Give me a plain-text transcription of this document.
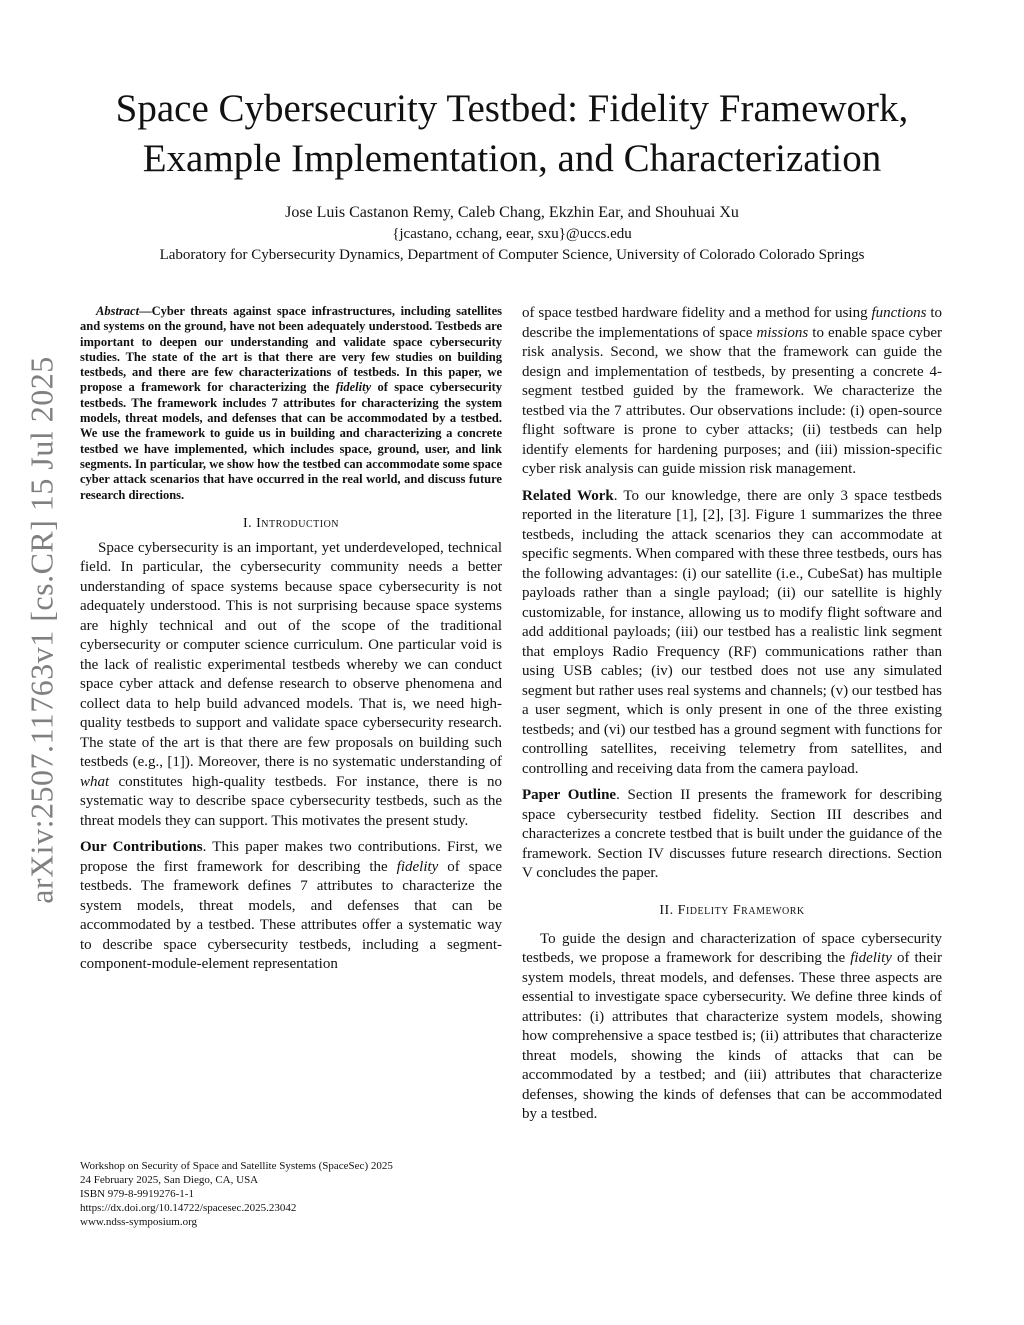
Space Cybersecurity Testbed: Fidelity Framework,
Example Implementation, and Characterization
Jose Luis Castanon Remy, Caleb Chang, Ekzhin Ear, and Shouhuai Xu
{jcastano, cchang, eear, sxu}@uccs.edu
Laboratory for Cybersecurity Dynamics, Department of Computer Science, University of Colorado Colorado Springs
arXiv:2507.11763v1 [cs.CR] 15 Jul 2025

Abstract—Cyber threats against space infrastructures, including satellites and systems on the ground, have not been adequately understood. Testbeds are important to deepen our understanding and validate space cybersecurity studies. The state of the art is that there are very few studies on building testbeds, and there are few characterizations of testbeds. In this paper, we propose a framework for characterizing the fidelity of space cybersecurity testbeds. The framework includes 7 attributes for characterizing the system models, threat models, and defenses that can be accommodated by a testbed. We use the framework to guide us in building and characterizing a concrete testbed we have implemented, which includes space, ground, user, and link segments. In particular, we show how the testbed can accommodate some space cyber attack scenarios that have occurred in the real world, and discuss future research directions.

I. Introduction

Space cybersecurity is an important, yet underdeveloped, technical field. In particular, the cybersecurity community needs a better understanding of space systems because space cybersecurity is not adequately understood. This is not surprising because space systems are highly technical and out of the scope of the traditional cybersecurity or computer science curriculum. One particular void is the lack of realistic experimental testbeds whereby we can conduct space cyber attack and defense research to observe phenomena and collect data to help build advanced models. That is, we need high-quality testbeds to support and validate space cybersecurity research. The state of the art is that there are few proposals on building such testbeds (e.g., [1]). Moreover, there is no systematic understanding of what constitutes high-quality testbeds. For instance, there is no systematic way to describe space cybersecurity testbeds, such as the threat models they can support. This motivates the present study.

Our Contributions. This paper makes two contributions. First, we propose the first framework for describing the fidelity of space testbeds. The framework defines 7 attributes to characterize the system models, threat models, and defenses that can be accommodated by a testbed. These attributes offer a systematic way to describe space cybersecurity testbeds, including a segment-component-module-element representation

of space testbed hardware fidelity and a method for using functions to describe the implementations of space missions to enable space cyber risk analysis. Second, we show that the framework can guide the design and implementation of testbeds, by presenting a concrete 4-segment testbed guided by the framework. We characterize the testbed via the 7 attributes. Our observations include: (i) open-source flight software is prone to cyber attacks; (ii) testbeds can help identify elements for hardening purposes; and (iii) mission-specific cyber risk analysis can guide mission risk management.

Related Work. To our knowledge, there are only 3 space testbeds reported in the literature [1], [2], [3]. Figure 1 summarizes the three testbeds, including the attack scenarios they can accommodate at specific segments. When compared with these three testbeds, ours has the following advantages: (i) our satellite (i.e., CubeSat) has multiple payloads rather than a single payload; (ii) our satellite is highly customizable, for instance, allowing us to modify flight software and add additional payloads; (iii) our testbed has a realistic link segment that employs Radio Frequency (RF) communications rather than using USB cables; (iv) our testbed does not use any simulated segment but rather uses real systems and channels; (v) our testbed has a user segment, which is only present in one of the three existing testbeds; and (vi) our testbed has a ground segment with functions for controlling satellites, receiving telemetry from satellites, and controlling and receiving data from the camera payload.

Paper Outline. Section II presents the framework for describing space cybersecurity testbed fidelity. Section III describes and characterizes a concrete testbed that is built under the guidance of the framework. Section IV discusses future research directions. Section V concludes the paper.

II. Fidelity Framework

To guide the design and characterization of space cybersecurity testbeds, we propose a framework for describing the fidelity of their system models, threat models, and defenses. These three aspects are essential to investigate space cybersecurity. We define three kinds of attributes: (i) attributes that characterize system models, showing how comprehensive a space testbed is; (ii) attributes that characterize threat models, showing the kinds of attacks that can be accommodated by a testbed; and (iii) attributes that characterize defenses, showing the kinds of defenses that can be accommodated by a testbed.

Workshop on Security of Space and Satellite Systems (SpaceSec) 2025
24 February 2025, San Diego, CA, USA
ISBN 979-8-9919276-1-1
https://dx.doi.org/10.14722/spacesec.2025.23042
www.ndss-symposium.org
